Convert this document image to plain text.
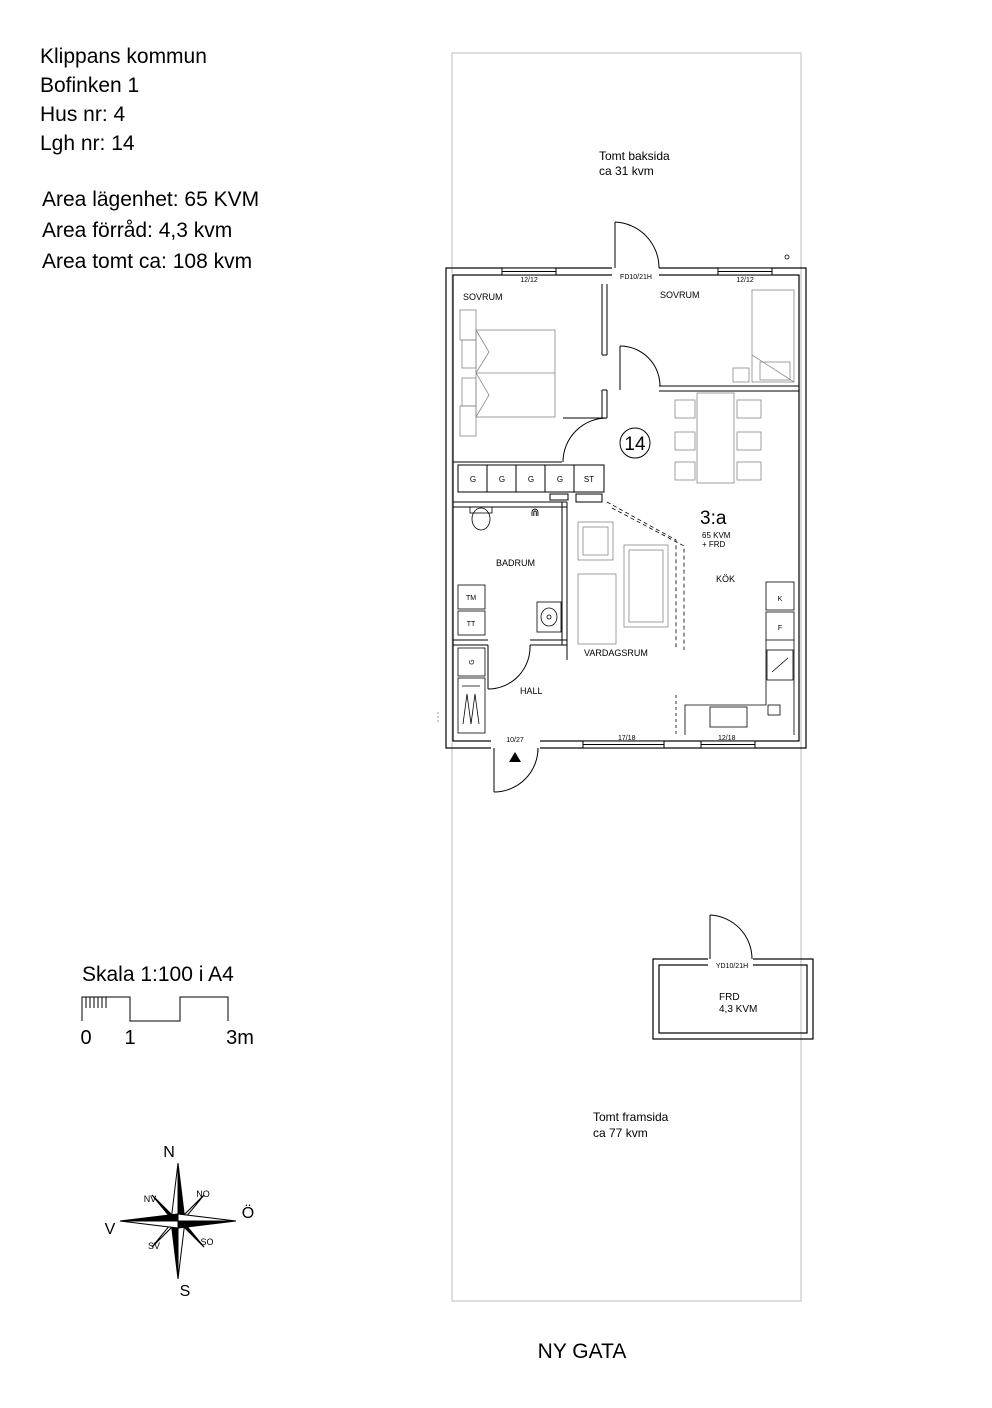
Klippans kommun
Bofinken 1
Hus nr: 4
Lgh nr: 14
Area lägenhet: 65 KVM
Area förråd: 4,3 kvm
Area tomt ca: 108 kvm
Tomt baksida
ca 31 kvm
Tomt framsida
ca 77 kvm
NY GATA
12/12	12/12
17/18	12/18
FD10/21H
10/27
G	G	G	G	ST
14
3:a
65 KVM
+ FRD
⋒
TM
TT
G
K
F
SOVRUM	SOVRUM
BADRUM
VARDAGSRUM
KÖK
HALL
YD10/21H
FRD
4,3 KVM
Skala 1:100 i A4
0 1	3m
N
S
V
Ö
NV	NO
SV	SO
